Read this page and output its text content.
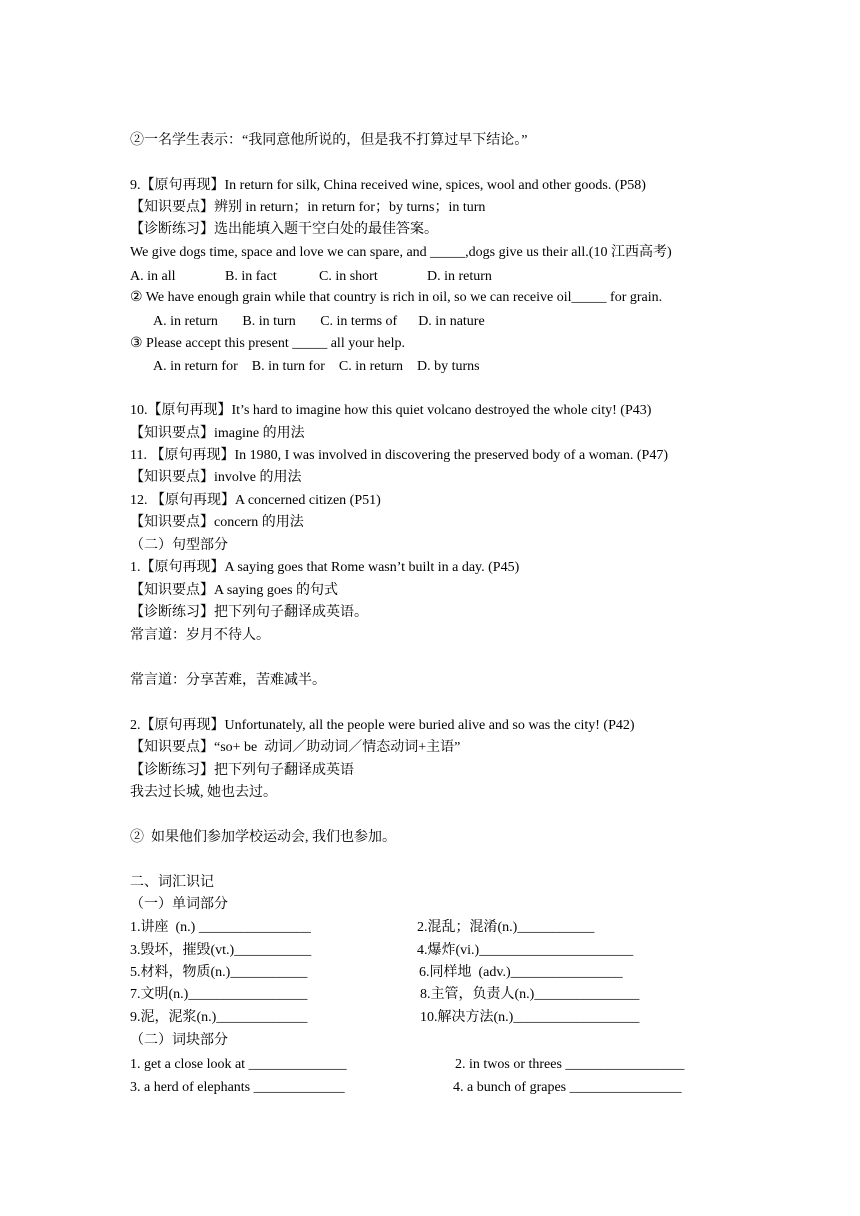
②一名学生表示：“我同意他所说的，但是我不打算过早下结论。”
9.【原句再现】In return for silk, China received wine, spices, wool and other goods. (P58)
【知识要点】辨别 in return；in return for；by turns；in turn
【诊断练习】选出能填入题干空白处的最佳答案。
We give dogs time, space and love we can spare, and _____,dogs give us their all.(10 江西高考)
A. in all	B. in fact	C. in short	D. in return
② We have enough grain while that country is rich in oil, so we can receive oil_____ for grain.
A. in return       B. in turn       C. in terms of      D. in nature
③ Please accept this present _____ all your help.
A. in return for    B. in turn for    C. in return    D. by turns
10.【原句再现】It’s hard to imagine how this quiet volcano destroyed the whole city! (P43)
【知识要点】imagine 的用法
11. 【原句再现】In 1980, I was involved in discovering the preserved body of a woman. (P47)
【知识要点】involve 的用法
12. 【原句再现】A concerned citizen (P51)
【知识要点】concern 的用法
（二）句型部分
1.【原句再现】A saying goes that Rome wasn’t built in a day. (P45)
【知识要点】A saying goes 的句式
【诊断练习】把下列句子翻译成英语。
常言道：岁月不待人。
常言道：分享苦难，苦难减半。
2.【原句再现】Unfortunately, all the people were buried alive and so was the city! (P42)
【知识要点】“so+ be  动词／助动词／情态动词+主语”
【诊断练习】把下列句子翻译成英语
我去过长城, 她也去过。
②  如果他们参加学校运动会, 我们也参加。
二、词汇识记
（一）单词部分
1.讲座  (n.) ________________	2.混乱；混淆(n.)___________
3.毁坏，摧毁(vt.)___________	4.爆炸(vi.)______________________
5.材料，物质(n.)___________	6.同样地  (adv.)________________
7.文明(n.)_________________	8.主管，负责人(n.)_______________
9.泥，泥浆(n.)_____________	10.解决方法(n.)__________________
（二）词块部分
1. get a close look at ______________	2. in twos or threes _________________
3. a herd of elephants _____________	4. a bunch of grapes ________________
